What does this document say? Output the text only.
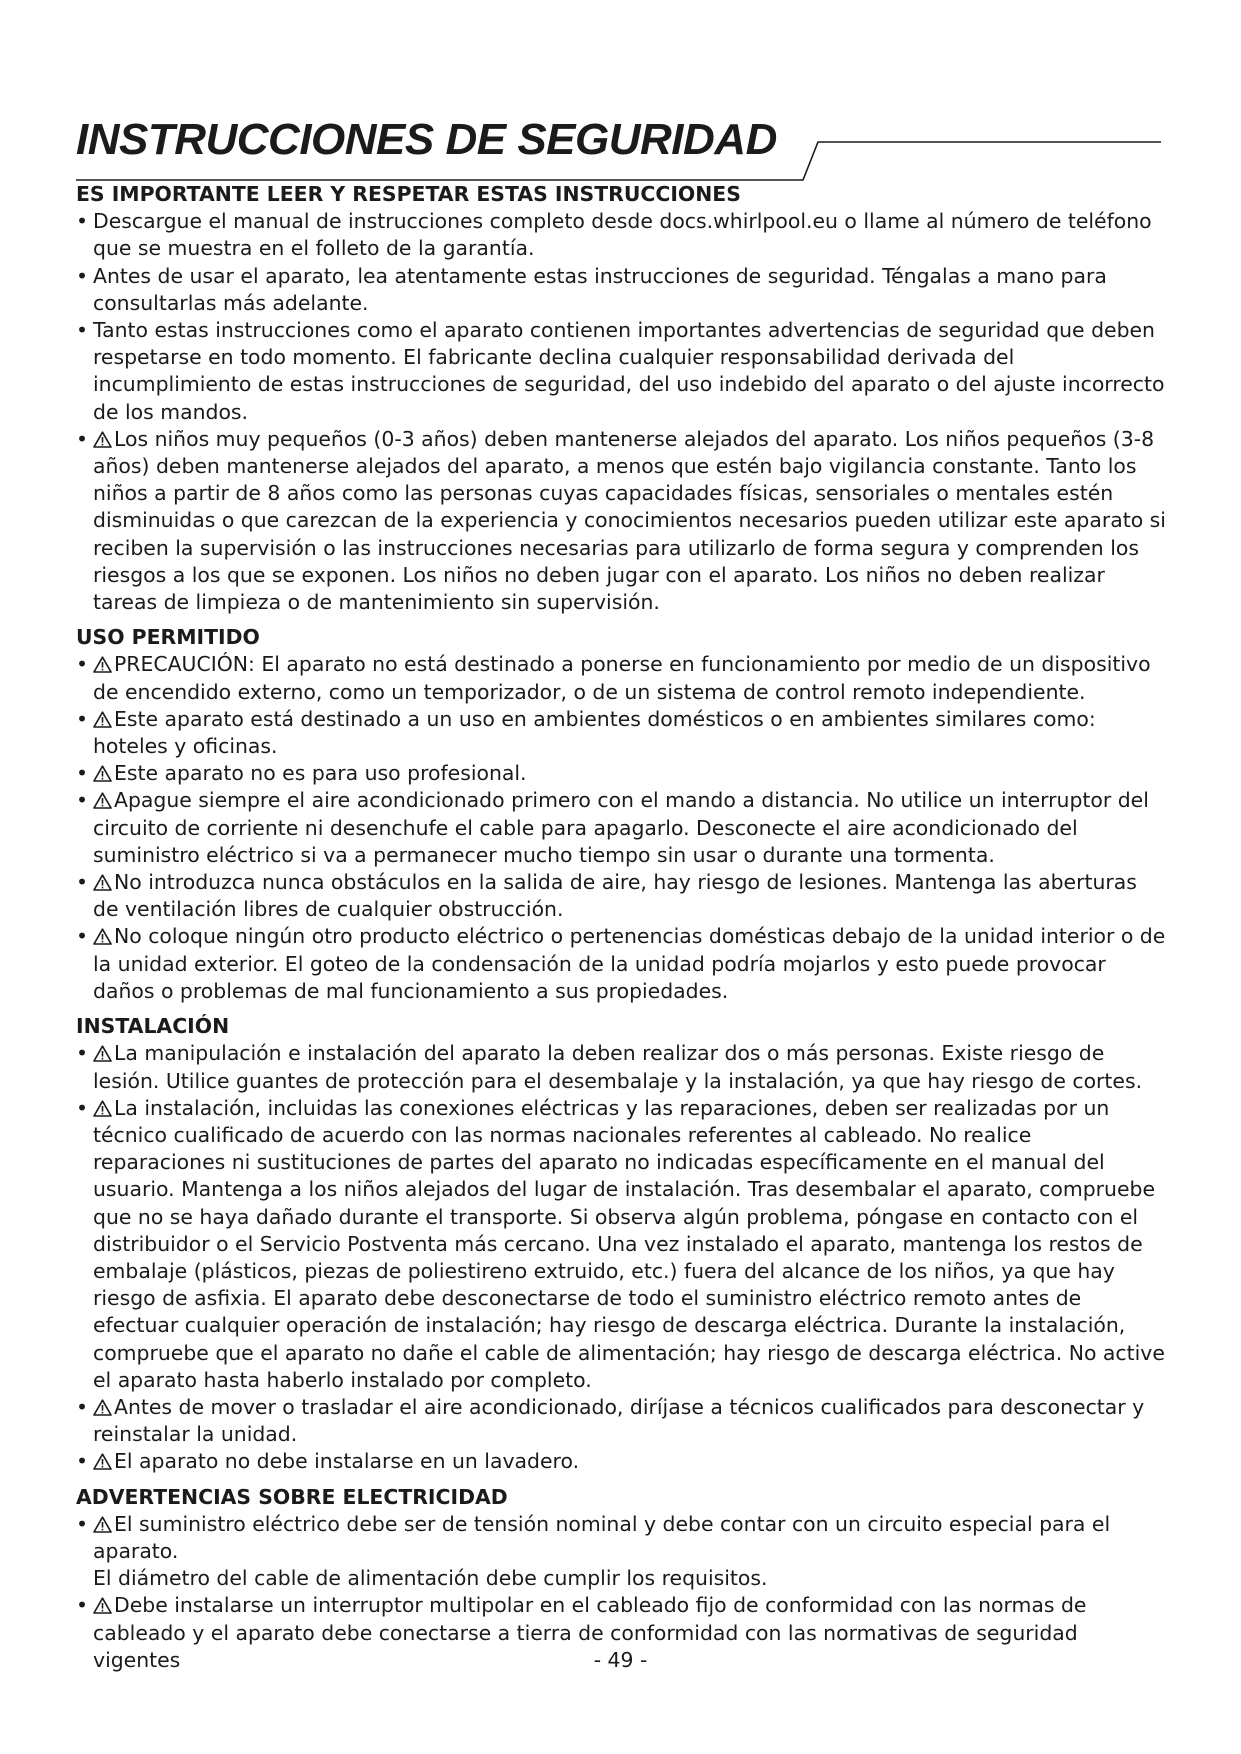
INSTRUCCIONES DE SEGURIDAD

ES IMPORTANTE LEER Y RESPETAR ESTAS INSTRUCCIONES

• Descargue el manual de instrucciones completo desde docs.whirlpool.eu o llame al número de teléfono que se muestra en el folleto de la garantía.
• Antes de usar el aparato, lea atentamente estas instrucciones de seguridad. Téngalas a mano para consultarlas más adelante.
• Tanto estas instrucciones como el aparato contienen importantes advertencias de seguridad que deben respetarse en todo momento. El fabricante declina cualquier responsabilidad derivada del incumplimiento de estas instrucciones de seguridad, del uso indebido del aparato o del ajuste incorrecto de los mandos.
• Los niños muy pequeños (0-3 años) deben mantenerse alejados del aparato. Los niños pequeños (3-8 años) deben mantenerse alejados del aparato, a menos que estén bajo vigilancia constante. Tanto los niños a partir de 8 años como las personas cuyas capacidades físicas, sensoriales o mentales estén disminuidas o que carezcan de la experiencia y conocimientos necesarios pueden utilizar este aparato si reciben la supervisión o las instrucciones necesarias para utilizarlo de forma segura y comprenden los riesgos a los que se exponen. Los niños no deben jugar con el aparato. Los niños no deben realizar tareas de limpieza o de mantenimiento sin supervisión.

USO PERMITIDO

• PRECAUCIÓN: El aparato no está destinado a ponerse en funcionamiento por medio de un dispositivo de encendido externo, como un temporizador, o de un sistema de control remoto independiente.
• Este aparato está destinado a un uso en ambientes domésticos o en ambientes similares como: hoteles y oficinas.
• Este aparato no es para uso profesional.
• Apague siempre el aire acondicionado primero con el mando a distancia. No utilice un interruptor del circuito de corriente ni desenchufe el cable para apagarlo. Desconecte el aire acondicionado del suministro eléctrico si va a permanecer mucho tiempo sin usar o durante una tormenta.
• No introduzca nunca obstáculos en la salida de aire, hay riesgo de lesiones. Mantenga las aberturas de ventilación libres de cualquier obstrucción.
• No coloque ningún otro producto eléctrico o pertenencias domésticas debajo de la unidad interior o de la unidad exterior. El goteo de la condensación de la unidad podría mojarlos y esto puede provocar daños o problemas de mal funcionamiento a sus propiedades.

INSTALACIÓN

• La manipulación e instalación del aparato la deben realizar dos o más personas. Existe riesgo de lesión. Utilice guantes de protección para el desembalaje y la instalación, ya que hay riesgo de cortes.
• La instalación, incluidas las conexiones eléctricas y las reparaciones, deben ser realizadas por un técnico cualificado de acuerdo con las normas nacionales referentes al cableado. No realice reparaciones ni sustituciones de partes del aparato no indicadas específicamente en el manual del usuario. Mantenga a los niños alejados del lugar de instalación. Tras desembalar el aparato, compruebe que no se haya dañado durante el transporte. Si observa algún problema, póngase en contacto con el distribuidor o el Servicio Postventa más cercano. Una vez instalado el aparato, mantenga los restos de embalaje (plásticos, piezas de poliestireno extruido, etc.) fuera del alcance de los niños, ya que hay riesgo de asfixia. El aparato debe desconectarse de todo el suministro eléctrico remoto antes de efectuar cualquier operación de instalación; hay riesgo de descarga eléctrica. Durante la instalación, compruebe que el aparato no dañe el cable de alimentación; hay riesgo de descarga eléctrica. No active el aparato hasta haberlo instalado por completo.
• Antes de mover o trasladar el aire acondicionado, diríjase a técnicos cualificados para desconectar y reinstalar la unidad.
• El aparato no debe instalarse en un lavadero.

ADVERTENCIAS SOBRE ELECTRICIDAD

• El suministro eléctrico debe ser de tensión nominal y debe contar con un circuito especial para el aparato.
El diámetro del cable de alimentación debe cumplir los requisitos.
• Debe instalarse un interruptor multipolar en el cableado fijo de conformidad con las normas de cableado y el aparato debe conectarse a tierra de conformidad con las normativas de seguridad vigentes	- 49 -
